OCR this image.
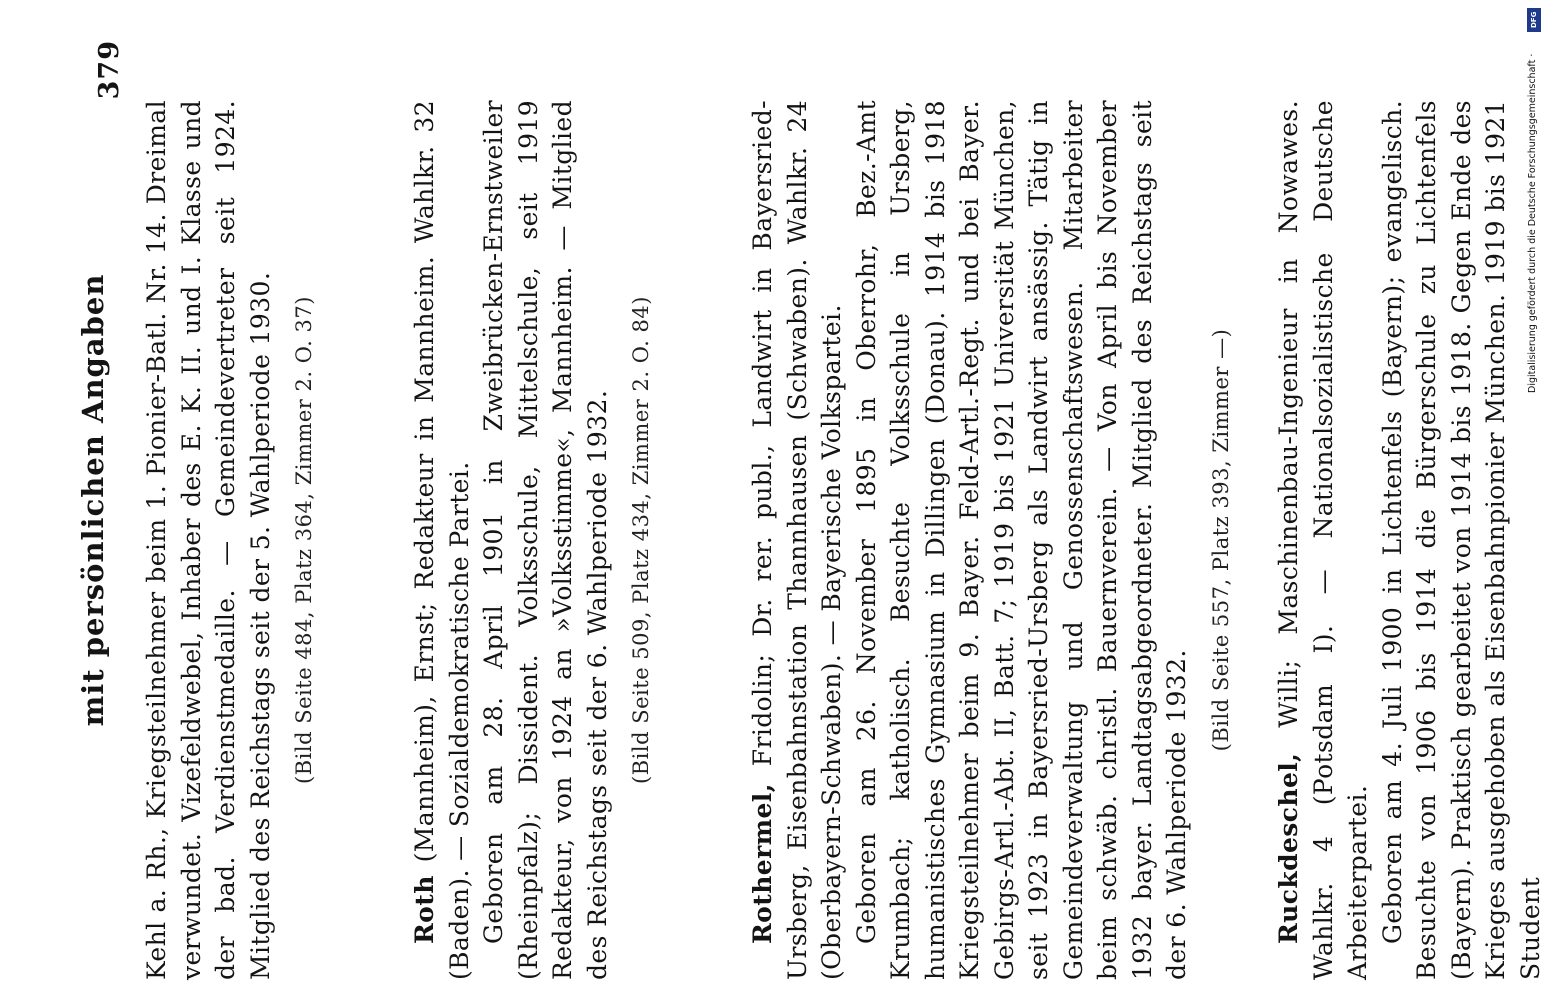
mit persönlichen Angaben
379

Kehl a. Rh., Kriegsteilnehmer beim 1. Pionier-Batl. Nr. 14. Dreimal verwundet. Vizefeldwebel, Inhaber des E. K. II. und I. Klasse und der bad. Verdienstmedaille. — Gemeindevertreter seit 1924. Mitglied des Reichstags seit der 5. Wahlperiode 1930. (Bild Seite 484, Platz 364, Zimmer 2. O. 37)

Roth (Mannheim), Ernst; Redakteur in Mannheim. Wahlkr. 32 (Baden). — Sozialdemokratische Partei. Geboren am 28. April 1901 in Zweibrücken-Ernstweiler (Rheinpfalz); Dissident. Volksschule, Mittelschule, seit 1919 Redakteur, von 1924 an »Volksstimme«, Mannheim. — Mitglied des Reichstags seit der 6. Wahlperiode 1932. (Bild Seite 509, Platz 434, Zimmer 2. O. 84)

Rothermel, Fridolin; Dr. rer. publ., Landwirt in Bayersried-Ursberg, Eisenbahnstation Thannhausen (Schwaben). Wahlkr. 24 (Oberbayern-Schwaben). — Bayerische Volkspartei. Geboren am 26. November 1895 in Oberrohr, Bez.-Amt Krumbach; katholisch. Besuchte Volksschule in Ursberg, humanistisches Gymnasium in Dillingen (Donau). 1914 bis 1918 Kriegsteilnehmer beim 9. Bayer. Feld-Artl.-Regt. und bei Bayer. Gebirgs-Artl.-Abt. II, Batt. 7; 1919 bis 1921 Universität München, seit 1923 in Bayersried-Ursberg als Landwirt ansässig. Tätig in Gemeindeverwaltung und Genossenschaftswesen. Mitarbeiter beim schwäb. christl. Bauernverein. — Von April bis November 1932 bayer. Landtagsabgeordneter. Mitglied des Reichstags seit der 6. Wahlperiode 1932.

(Bild Seite 557, Platz 393, Zimmer —)

Ruckdeschel, Willi; Maschinenbau-Ingenieur in Nowawes. Wahlkr. 4 (Potsdam I). — Nationalsozialistische Deutsche Arbeiterpartei. Geboren am 4. Juli 1900 in Lichtenfels (Bayern); evangelisch. Besuchte von 1906 bis 1914 die Bürgerschule zu Lichtenfels (Bayern). Praktisch gearbeitet von 1914 bis 1918. Gegen Ende des Krieges ausgehoben als Eisenbahnpionier München. 1919 bis 1921 Student

DFG
Digitalisierung gefördert durch die Deutsche Forschungsgemeinschaft ·
